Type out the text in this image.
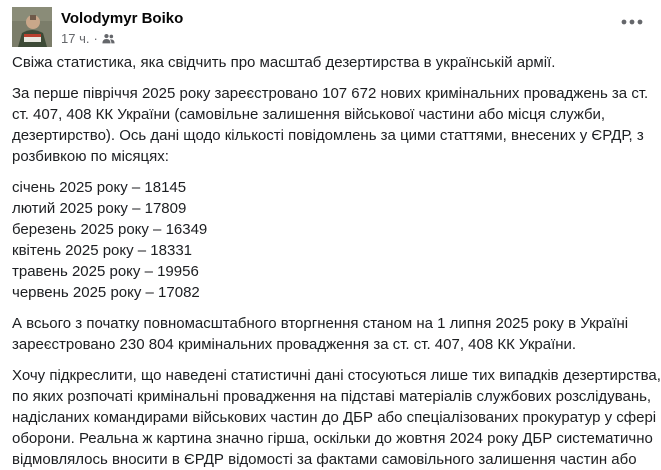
Volodymyr Boiko
17 ч. ·

Свіжа статистика, яка свідчить про масштаб дезертирства в українській армії.

За перше півріччя 2025 року зареєстровано 107 672 нових кримінальних проваджень за ст.

ст. 407, 408 КК України (самовільне залишення військової частини або місця служби,

дезертирство). Ось дані щодо кількості повідомлень за цими статтями, внесених у ЄРДР, з

розбивкою по місяцях:

січень 2025 року – 18145

лютий 2025 року – 17809

березень 2025 року – 16349

квітень 2025 року – 18331

травень 2025 року – 19956

червень 2025 року – 17082

А всього з початку повномасштабного вторгнення станом на 1 липня 2025 року в Україні

зареєстровано 230 804 кримінальних провадження за ст. ст. 407, 408 КК України.

Хочу підкреслити, що наведені статистичні дані стосуються лише тих випадків дезертирства,

по яких розпочаті кримінальні провадження на підставі матеріалів службових розслідувань,

надісланих командирами військових частин до ДБР або спеціалізованих прокуратур у сфері

оборони. Реальна ж картина значно гірша, оскільки до жовтня 2024 року ДБР систематично

відмовлялось вносити в ЄРДР відомості за фактами самовільного залишення частин або
